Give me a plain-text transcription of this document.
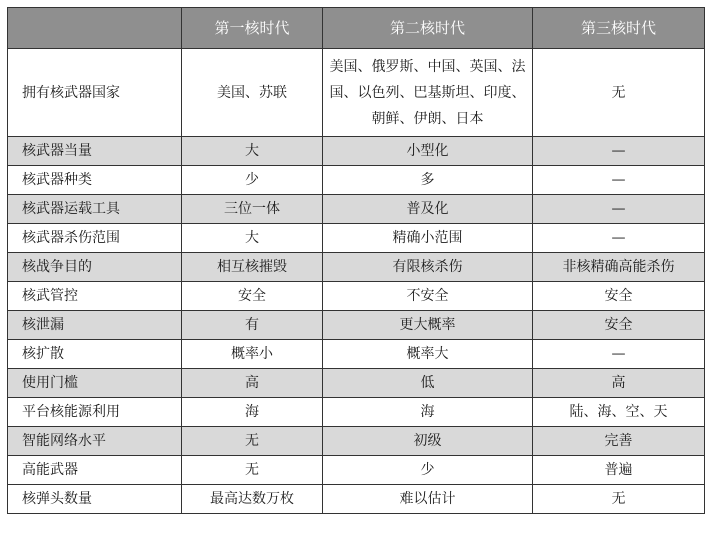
	第一核时代	第二核时代	第三核时代
拥有核武器国家	美国、苏联	美国、俄罗斯、中国、英国、法国、以色列、巴基斯坦、印度、朝鲜、伊朗、日本	无
核武器当量	大	小型化	—
核武器种类	少	多	—
核武器运载工具	三位一体	普及化	—
核武器杀伤范围	大	精确小范围	—
核战争目的	相互核摧毁	有限核杀伤	非核精确高能杀伤
核武管控	安全	不安全	安全
核泄漏	有	更大概率	安全
核扩散	概率小	概率大	—
使用门槛	高	低	高
平台核能源利用	海	海	陆、海、空、天
智能网络水平	无	初级	完善
高能武器	无	少	普遍
核弹头数量	最高达数万枚	难以估计	无
